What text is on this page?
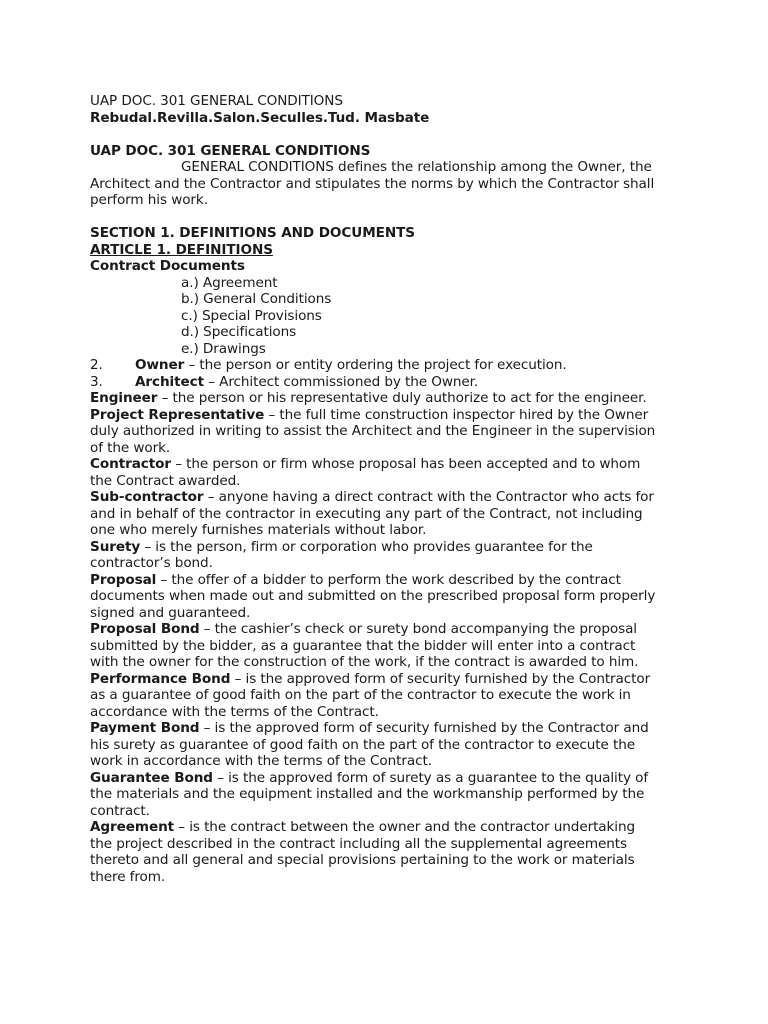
UAP DOC. 301 GENERAL CONDITIONS
Rebudal.Revilla.Salon.Seculles.Tud. Masbate
UAP DOC. 301 GENERAL CONDITIONS
GENERAL CONDITIONS defines the relationship among the Owner, the
Architect and the Contractor and stipulates the norms by which the Contractor shall
perform his work.
SECTION 1. DEFINITIONS AND DOCUMENTS
ARTICLE 1. DEFINITIONS
Contract Documents
a.) Agreement
b.) General Conditions
c.) Special Provisions
d.) Specifications
e.) Drawings
2. Owner – the person or entity ordering the project for execution.
3. Architect – Architect commissioned by the Owner.
Engineer – the person or his representative duly authorize to act for the engineer.
Project Representative – the full time construction inspector hired by the Owner
duly authorized in writing to assist the Architect and the Engineer in the supervision
of the work.
Contractor – the person or firm whose proposal has been accepted and to whom
the Contract awarded.
Sub-contractor – anyone having a direct contract with the Contractor who acts for
and in behalf of the contractor in executing any part of the Contract, not including
one who merely furnishes materials without labor.
Surety – is the person, firm or corporation who provides guarantee for the
contractor’s bond.
Proposal – the offer of a bidder to perform the work described by the contract
documents when made out and submitted on the prescribed proposal form properly
signed and guaranteed.
Proposal Bond – the cashier’s check or surety bond accompanying the proposal
submitted by the bidder, as a guarantee that the bidder will enter into a contract
with the owner for the construction of the work, if the contract is awarded to him.
Performance Bond – is the approved form of security furnished by the Contractor
as a guarantee of good faith on the part of the contractor to execute the work in
accordance with the terms of the Contract.
Payment Bond – is the approved form of security furnished by the Contractor and
his surety as guarantee of good faith on the part of the contractor to execute the
work in accordance with the terms of the Contract.
Guarantee Bond – is the approved form of surety as a guarantee to the quality of
the materials and the equipment installed and the workmanship performed by the
contract.
Agreement – is the contract between the owner and the contractor undertaking
the project described in the contract including all the supplemental agreements
thereto and all general and special provisions pertaining to the work or materials
there from.
